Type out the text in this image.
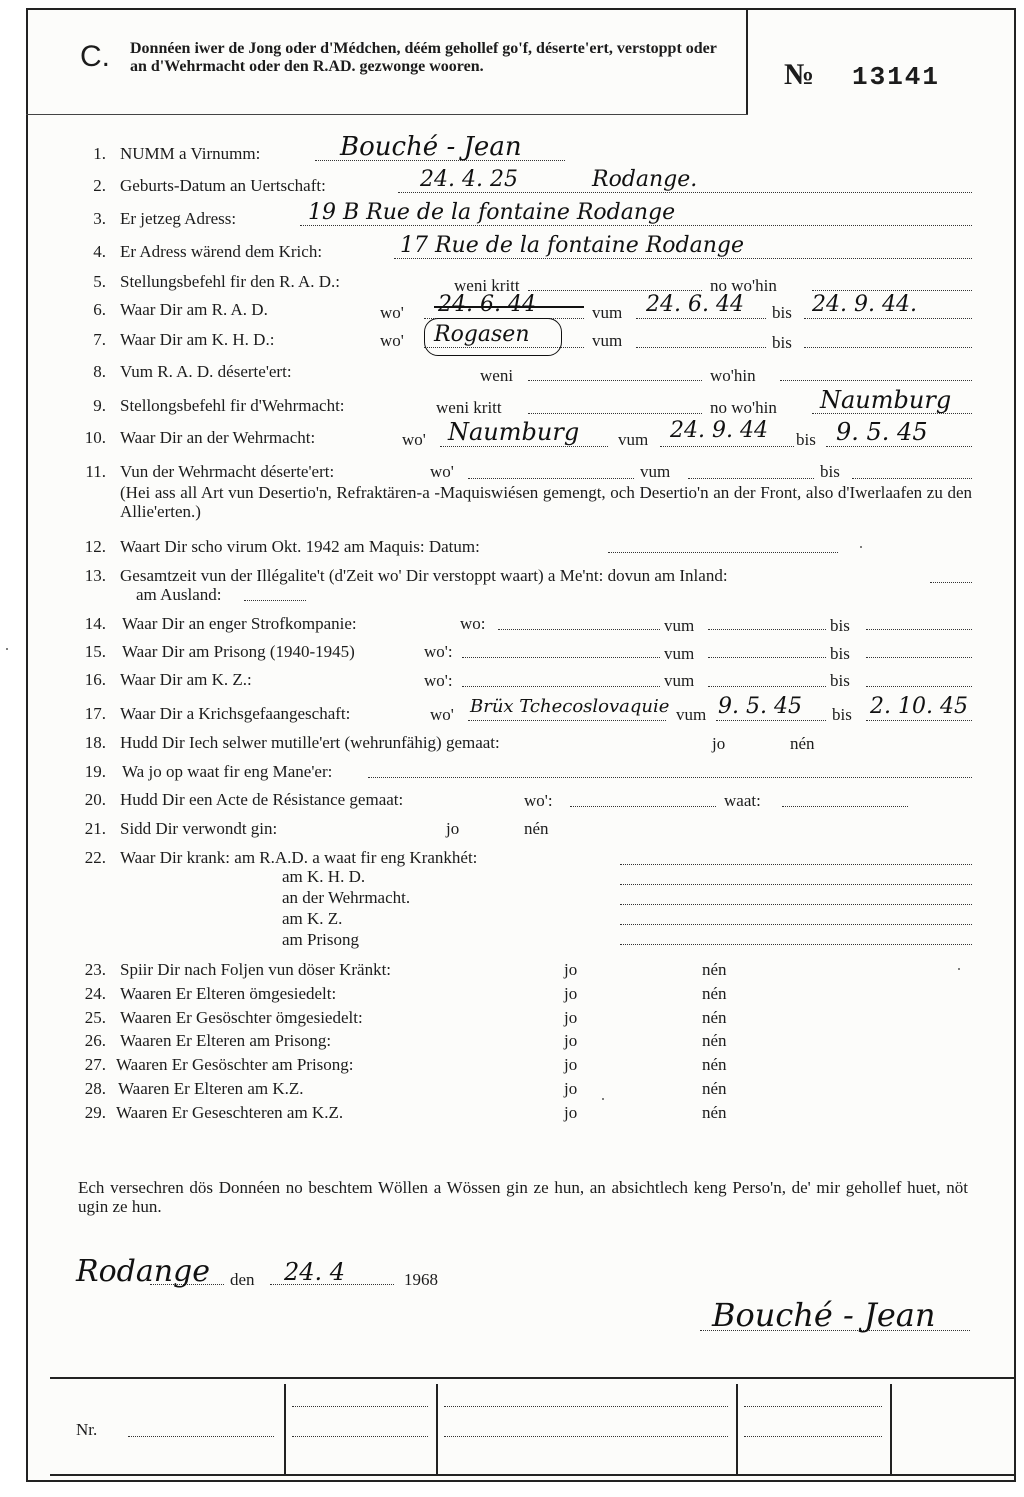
C. Donnéen iwer de Jong oder d'Médchen, déém gehollef go'f, déserte'ert, verstoppt oder an d'Wehrmacht oder den R.AD. gezwonge wooren.	№ 13141
1. NUMM a Virnumm:	Bouché - Jean
2. Geburts-Datum an Uertschaft:	24. 4. 25	Rodange.
3. Er jetzeg Adress:	19 B Rue de la fontaine Rodange
4. Er Adress wärend dem Krich:	17 Rue de la fontaine Rodange
5. Stellungsbefehl fir den R. A. D.:	weni kritt	no wo'hin
6. Waar Dir am R. A. D.	wo' 24. 6. 44	vum 24. 6. 44 bis 24. 9. 44.
7. Waar Dir am K. H. D.:	wo' Rogasen	vum	bis
8. Vum R. A. D. déserte'ert:	weni	wo'hin
9. Stellongsbefehl fir d'Wehrmacht:	weni kritt	no wo'hin Naumburg
10. Waar Dir an der Wehrmacht:	wo' Naumburg vum 24. 9. 44 bis 9. 5. 45
11. Vun der Wehrmacht déserte'ert:	wo'	vum	bis
(Hei ass all Art vun Desertio'n, Refraktären-a -Maquiswiésen gemengt, och Desertio'n an der Front, also d'Iwerlaafen zu den Allie'erten.)
12. Waart Dir scho virum Okt. 1942 am Maquis: Datum:
13. Gesamtzeit vun der Illégalite't (d'Zeit wo' Dir verstoppt waart) a Me'nt: dovun am Inland:
am Ausland:
14. Waar Dir an enger Strofkompanie:	wo:	vum	bis
15. Waar Dir am Prisong (1940-1945)	wo':	vum	bis
16. Waar Dir am K. Z.:	wo':	vum	bis
17. Waar Dir a Krichsgefaangeschaft:	wo' Brüx Tchecoslovaquie vum 9. 5. 45 bis 2. 10. 45
18. Hudd Dir Iech selwer mutille'ert (wehrunfähig) gemaat:	jo	nén
19. Wa jo op waat fir eng Mane'er:
20. Hudd Dir een Acte de Résistance gemaat:	wo':	waat:
21. Sidd Dir verwondt gin:	jo	nén
22. Waar Dir krank: am R.A.D. a waat fir eng Krankhét:
am K. H. D.
an der Wehrmacht.
am K. Z.
am Prisong
23. Spiir Dir nach Foljen vun döser Kränkt:	jo	nén
24. Waaren Er Elteren ömgesiedelt:	jo	nén
25. Waaren Er Gesöschter ömgesiedelt:	jo	nén
26. Waaren Er Elteren am Prisong:	jo	nén
27. Waaren Er Gesöschter am Prisong:	jo	nén
28. Waaren Er Elteren am K.Z.	jo	nén
29. Waaren Er Geseschteren am K.Z.	jo	nén
Ech versechren dös Donnéen no beschtem Wöllen a Wössen gin ze hun, an absichtlech keng Perso'n, de' mir gehollef huet, nöt ugin ze hun.
Rodange den 24. 4	1968
Bouché - Jean
Nr.
